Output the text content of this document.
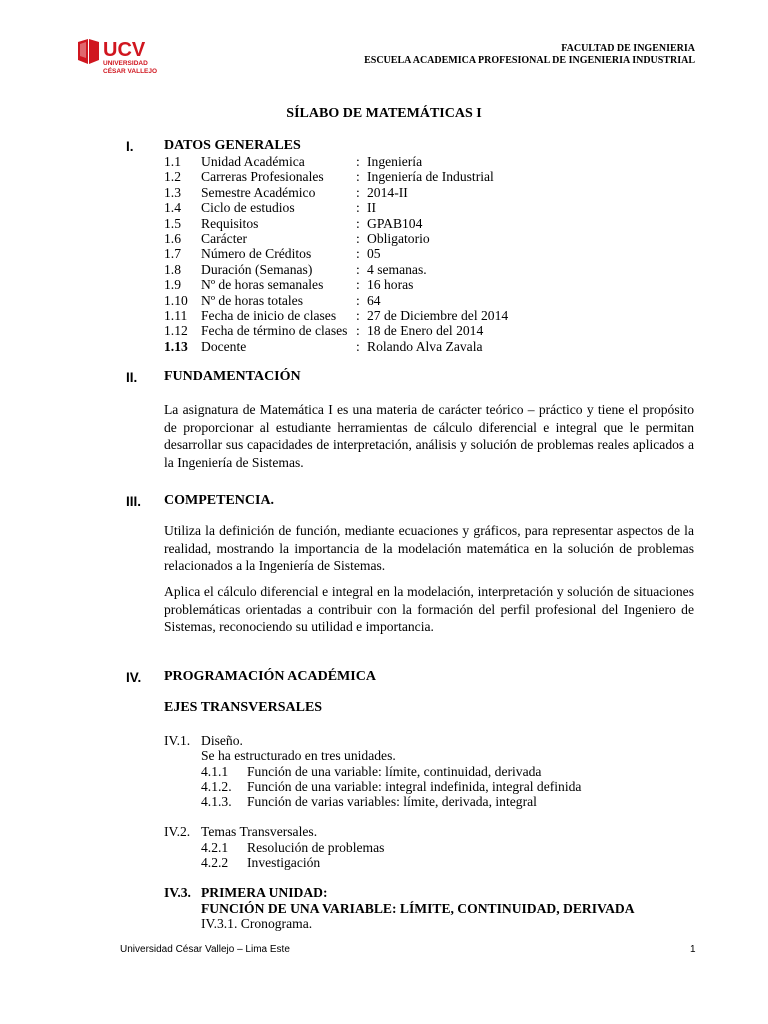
UCV
UNIVERSIDAD
CÉSAR VALLEJO
FACULTAD DE INGENIERIA
ESCUELA ACADEMICA PROFESIONAL DE INGENIERIA INDUSTRIAL
SÍLABO DE MATEMÁTICAS I
I. DATOS GENERALES
1.1 Unidad Académica	: Ingeniería
1.2 Carreras Profesionales : Ingeniería de Industrial
1.3 Semestre Académico	: 2014-II
1.4 Ciclo de estudios	: II
1.5 Requisitos	: GPAB104
1.6 Carácter	: Obligatorio
1.7 Número de Créditos	: 05
1.8 Duración (Semanas)	: 4 semanas.
1.9 Nº de horas semanales : 16 horas
1.10 Nº de horas totales	: 64
1.11 Fecha de inicio de clases : 27 de Diciembre del 2014
1.12 Fecha de término de clases : 18 de Enero del 2014
1.13 Docente	: Rolando Alva Zavala
II. FUNDAMENTACIÓN
La asignatura de Matemática I es una materia de carácter teórico – práctico y tiene el propósito de proporcionar al estudiante herramientas de cálculo diferencial e integral que le permitan desarrollar sus capacidades de interpretación, análisis y solución de problemas reales aplicados a la Ingeniería de Sistemas.
III. COMPETENCIA.
Utiliza la definición de función, mediante ecuaciones y gráficos, para representar aspectos de la realidad, mostrando la importancia de la modelación matemática en la solución de problemas relacionados a la Ingeniería de Sistemas.
Aplica el cálculo diferencial e integral en la modelación, interpretación y solución de situaciones problemáticas orientadas a contribuir con la formación del perfil profesional del Ingeniero de Sistemas, reconociendo su utilidad e importancia.
IV. PROGRAMACIÓN ACADÉMICA
EJES TRANSVERSALES
IV.1. Diseño.
Se ha estructurado en tres unidades.
4.1.1 Función de una variable: límite, continuidad, derivada
4.1.2. Función de una variable: integral indefinida, integral definida
4.1.3. Función de varias variables: límite, derivada, integral
IV.2. Temas Transversales.
4.2.1 Resolución de problemas
4.2.2 Investigación
IV.3. PRIMERA UNIDAD:
FUNCIÓN DE UNA VARIABLE: LÍMITE, CONTINUIDAD, DERIVADA
IV.3.1. Cronograma.
Universidad César Vallejo – Lima Este	1
